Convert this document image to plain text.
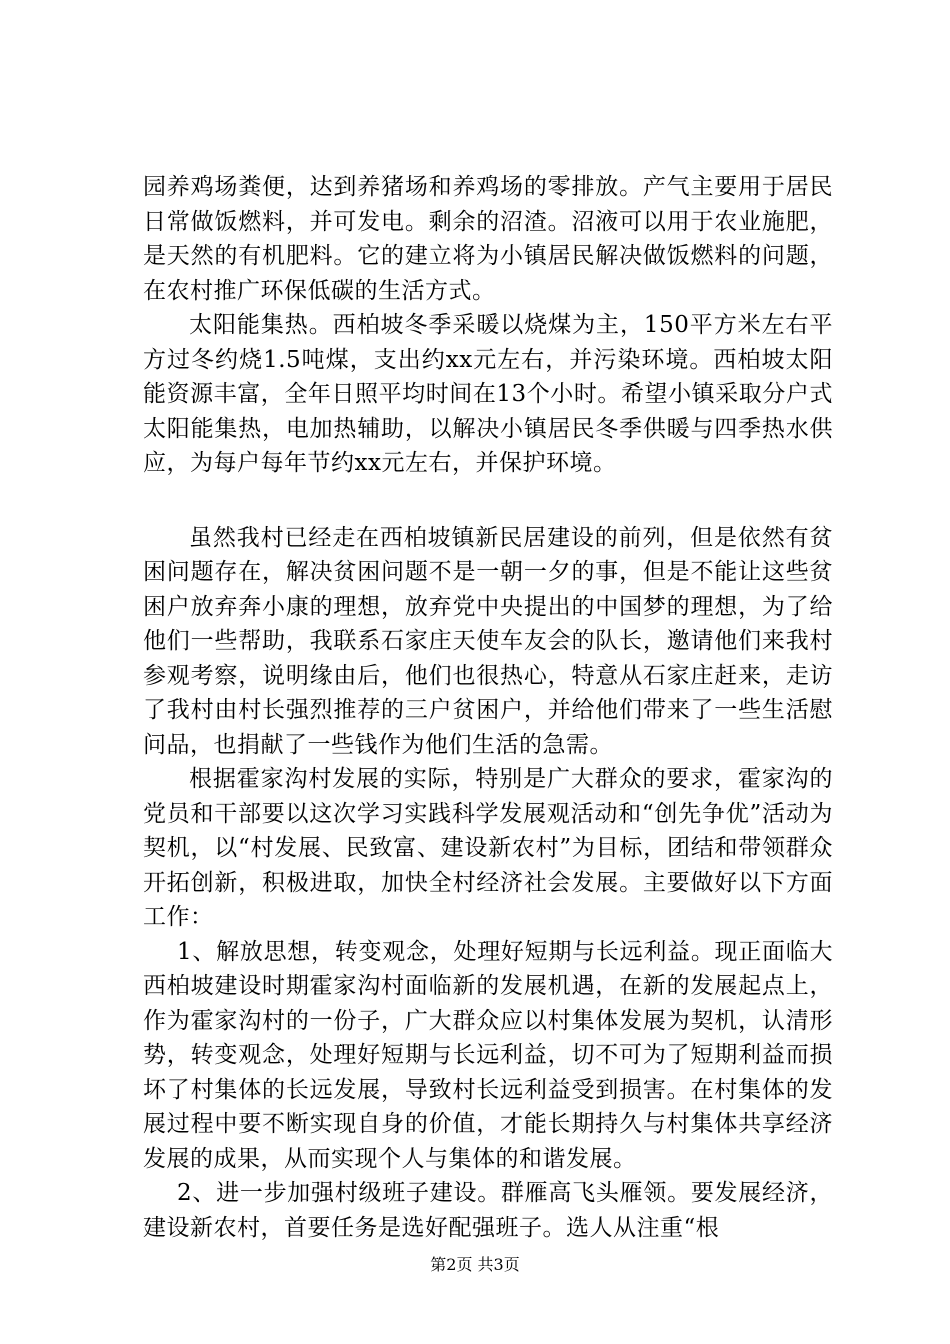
园养鸡场粪便，达到养猪场和养鸡场的零排放。产气主要用于居民日常做饭燃料，并可发电。剩余的沼渣。沼液可以用于农业施肥，是天然的有机肥料。它的建立将为小镇居民解决做饭燃料的问题，在农村推广环保低碳的生活方式。

太阳能集热。西柏坡冬季采暖以烧煤为主，150平方米左右平方过冬约烧1.5吨煤，支出约xx元左右，并污染环境。西柏坡太阳能资源丰富，全年日照平均时间在13个小时。希望小镇采取分户式太阳能集热，电加热辅助，以解决小镇居民冬季供暖与四季热水供应，为每户每年节约xx元左右，并保护环境。

虽然我村已经走在西柏坡镇新民居建设的前列，但是依然有贫困问题存在，解决贫困问题不是一朝一夕的事，但是不能让这些贫困户放弃奔小康的理想，放弃党中央提出的中国梦的理想，为了给他们一些帮助，我联系石家庄天使车友会的队长，邀请他们来我村参观考察，说明缘由后，他们也很热心，特意从石家庄赶来，走访了我村由村长强烈推荐的三户贫困户，并给他们带来了一些生活慰问品，也捐献了一些钱作为他们生活的急需。

根据霍家沟村发展的实际，特别是广大群众的要求，霍家沟的党员和干部要以这次学习实践科学发展观活动和“创先争优”活动为契机，以“村发展、民致富、建设新农村”为目标，团结和带领群众开拓创新，积极进取，加快全村经济社会发展。主要做好以下方面工作：

1、解放思想，转变观念，处理好短期与长远利益。现正面临大西柏坡建设时期霍家沟村面临新的发展机遇，在新的发展起点上，作为霍家沟村的一份子，广大群众应以村集体发展为契机，认清形势，转变观念，处理好短期与长远利益，切不可为了短期利益而损坏了村集体的长远发展，导致村长远利益受到损害。在村集体的发展过程中要不断实现自身的价值，才能长期持久与村集体共享经济发展的成果，从而实现个人与集体的和谐发展。

2、进一步加强村级班子建设。群雁高飞头雁领。要发展经济，建设新农村，首要任务是选好配强班子。选人从注重“根

第2页 共3页
